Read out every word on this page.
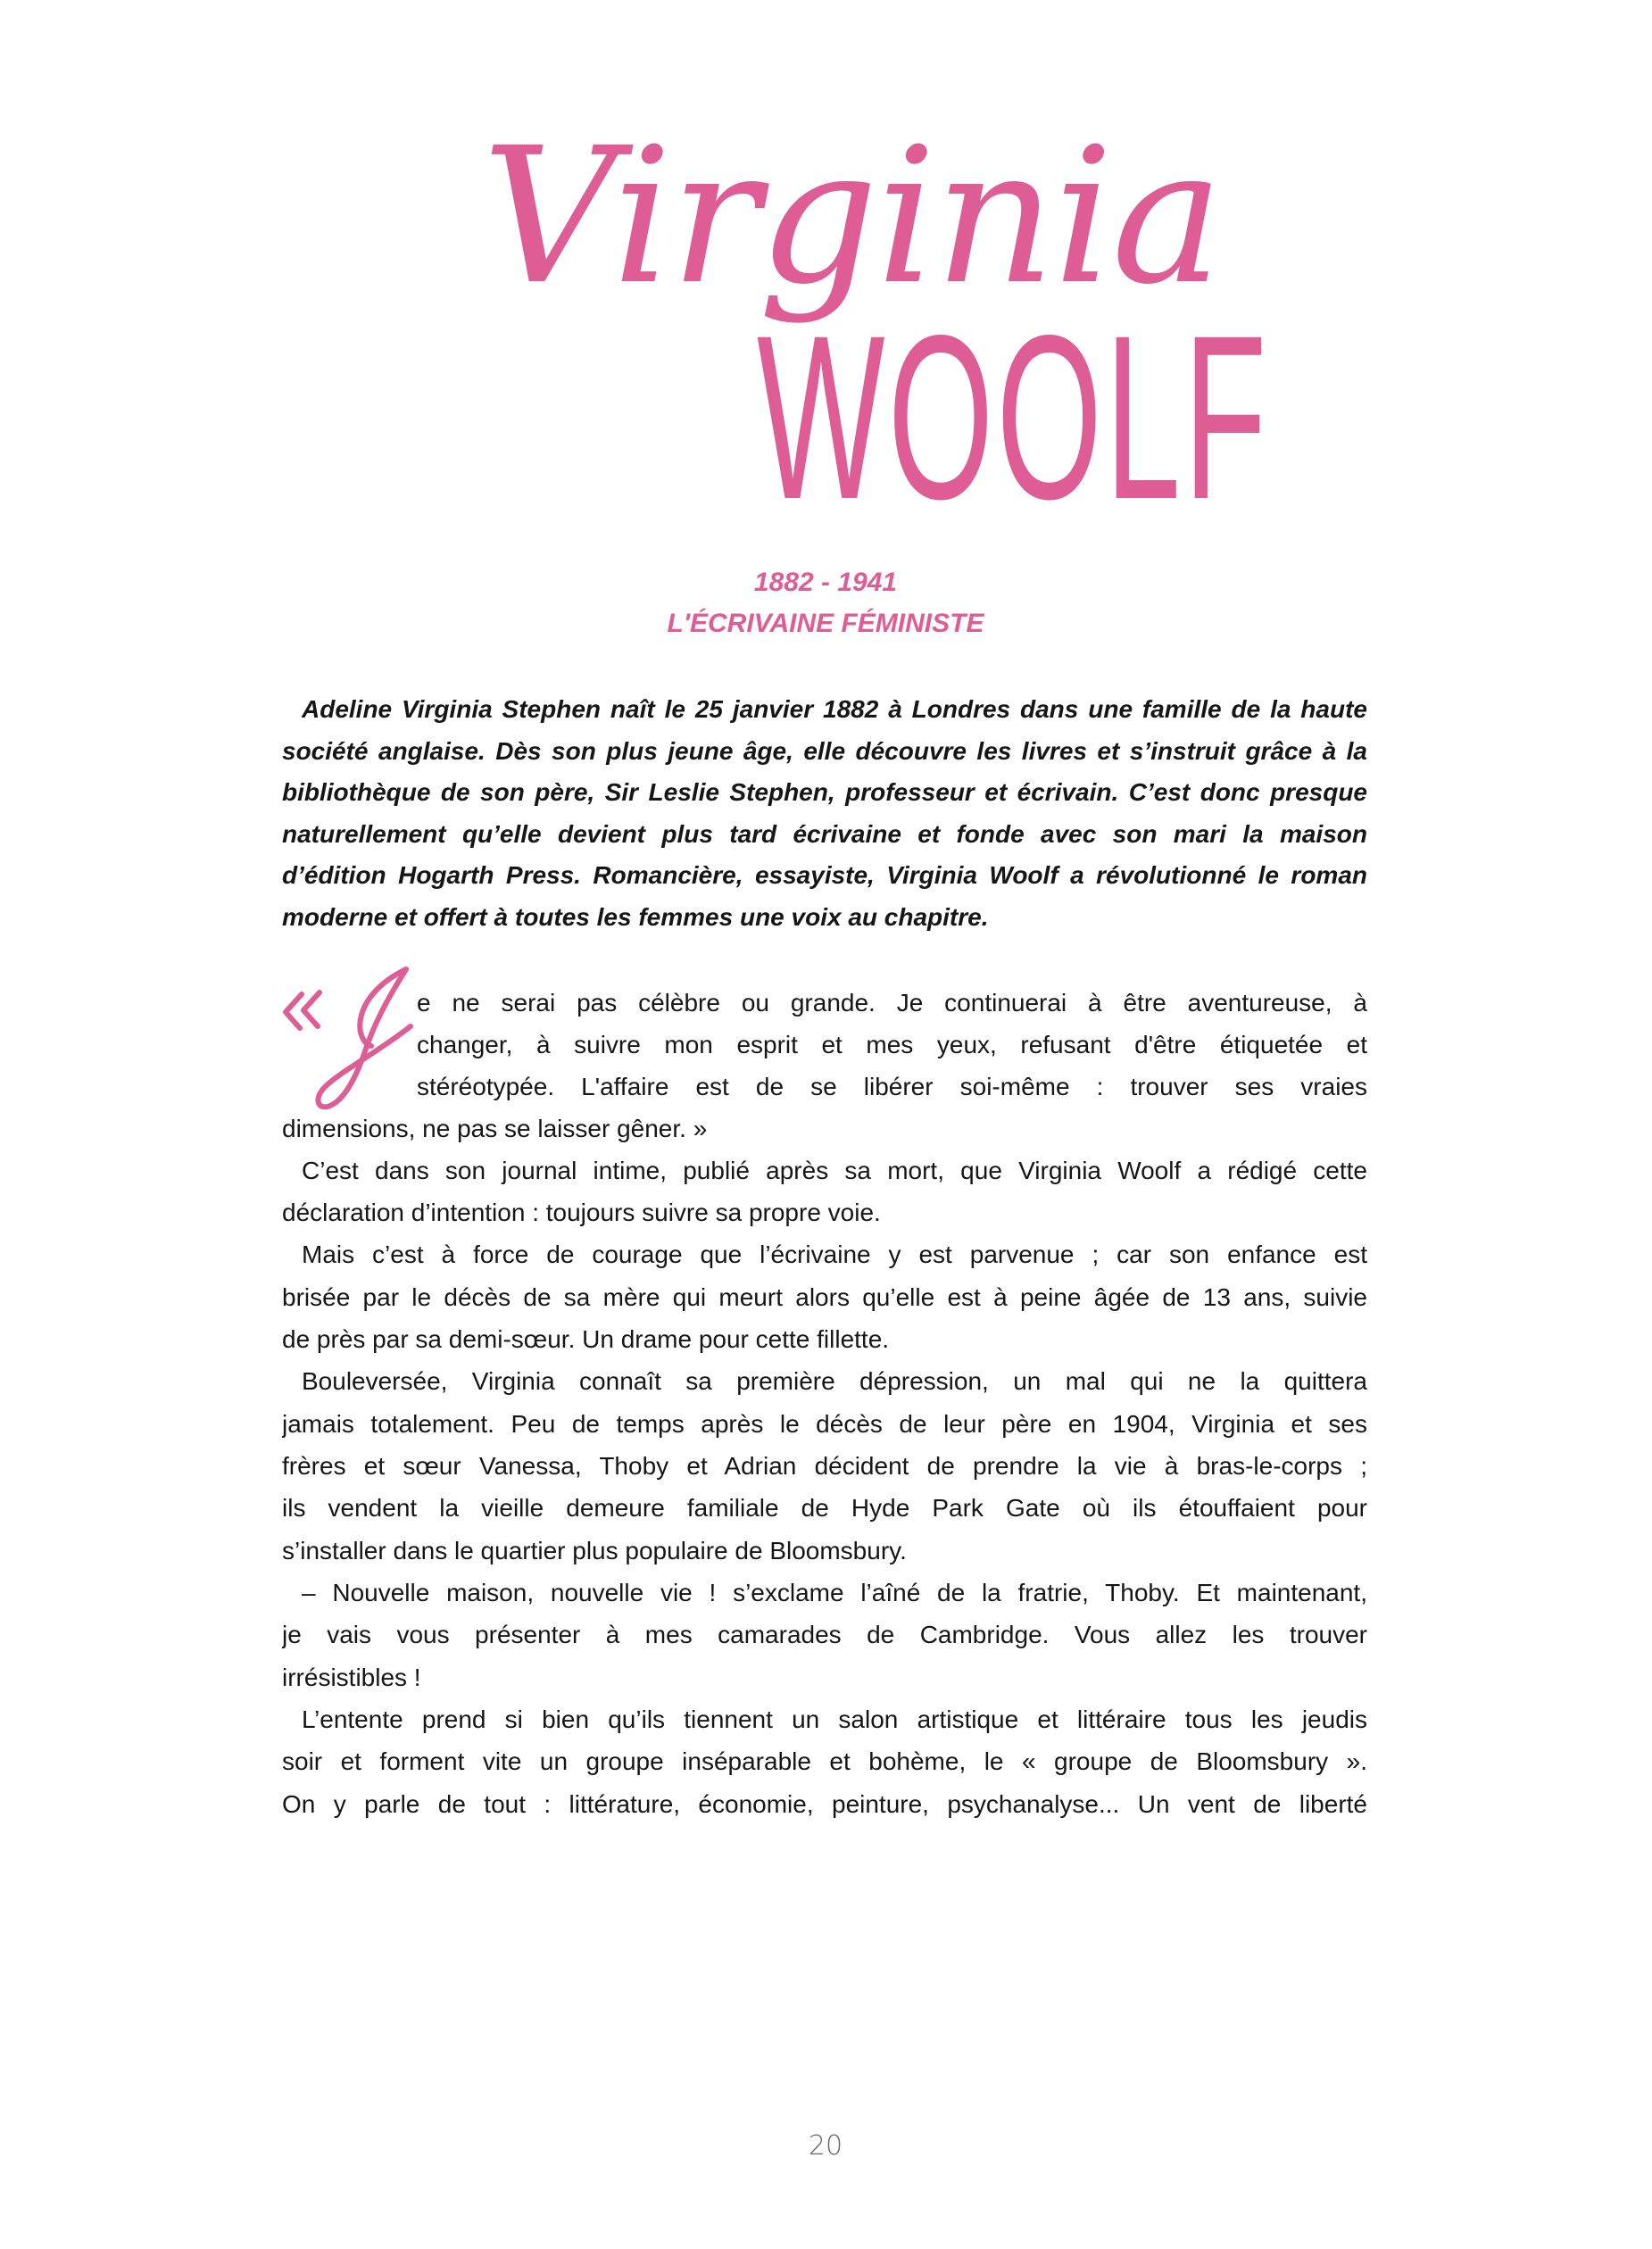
Virginia
WOOLF
1882 - 1941
L'ÉCRIVAINE FÉMINISTE
Adeline Virginia Stephen naît le 25 janvier 1882 à Londres dans une famille de la haute
société anglaise. Dès son plus jeune âge, elle découvre les livres et s’instruit grâce à la
bibliothèque de son père, Sir Leslie Stephen, professeur et écrivain. C’est donc presque
naturellement qu’elle devient plus tard écrivaine et fonde avec son mari la maison
d’édition Hogarth Press. Romancière, essayiste, Virginia Woolf a révolutionné le roman
moderne et offert à toutes les femmes une voix au chapitre.
e ne serai pas célèbre ou grande. Je continuerai à être aventureuse, à
changer, à suivre mon esprit et mes yeux, refusant d'être étiquetée et
stéréotypée. L'affaire est de se libérer soi-même : trouver ses vraies
dimensions, ne pas se laisser gêner. »
C’est dans son journal intime, publié après sa mort, que Virginia Woolf a rédigé cette
déclaration d’intention : toujours suivre sa propre voie.
Mais c’est à force de courage que l’écrivaine y est parvenue ; car son enfance est
brisée par le décès de sa mère qui meurt alors qu’elle est à peine âgée de 13 ans, suivie
de près par sa demi-sœur. Un drame pour cette fillette.
Bouleversée, Virginia connaît sa première dépression, un mal qui ne la quittera
jamais totalement. Peu de temps après le décès de leur père en 1904, Virginia et ses
frères et sœur Vanessa, Thoby et Adrian décident de prendre la vie à bras-le-corps ;
ils vendent la vieille demeure familiale de Hyde Park Gate où ils étouffaient pour
s’installer dans le quartier plus populaire de Bloomsbury.
– Nouvelle maison, nouvelle vie ! s’exclame l’aîné de la fratrie, Thoby. Et maintenant,
je vais vous présenter à mes camarades de Cambridge. Vous allez les trouver
irrésistibles !
L’entente prend si bien qu’ils tiennent un salon artistique et littéraire tous les jeudis
soir et forment vite un groupe inséparable et bohème, le « groupe de Bloomsbury ».
On y parle de tout : littérature, économie, peinture, psychanalyse... Un vent de liberté
20
